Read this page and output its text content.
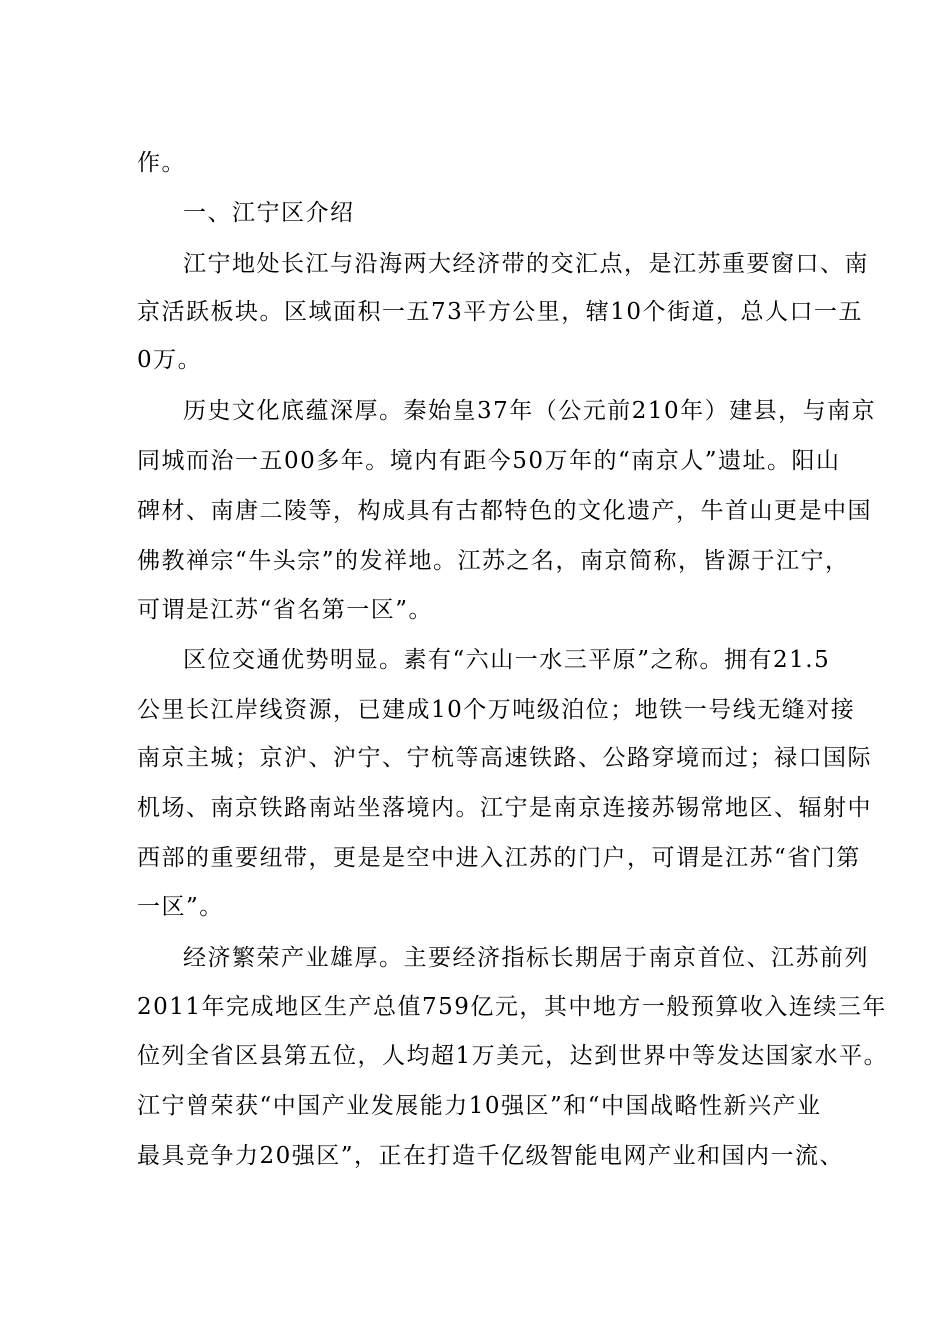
作。
一、江宁区介绍
江宁地处长江与沿海两大经济带的交汇点，是江苏重要窗口、南
京活跃板块。区域面积一五73平方公里，辖10个街道，总人口一五
0万。
历史文化底蕴深厚。秦始皇37年（公元前210年）建县，与南京
同城而治一五00多年。境内有距今50万年的“南京人”遗址。阳山
碑材、南唐二陵等，构成具有古都特色的文化遗产，牛首山更是中国
佛教禅宗“牛头宗”的发祥地。江苏之名，南京简称，皆源于江宁，
可谓是江苏“省名第一区”。
区位交通优势明显。素有“六山一水三平原”之称。拥有21.5
公里长江岸线资源，已建成10个万吨级泊位；地铁一号线无缝对接
南京主城；京沪、沪宁、宁杭等高速铁路、公路穿境而过；禄口国际
机场、南京铁路南站坐落境内。江宁是南京连接苏锡常地区、辐射中
西部的重要纽带，更是是空中进入江苏的门户，可谓是江苏“省门第
一区”。
经济繁荣产业雄厚。主要经济指标长期居于南京首位、江苏前列
2011年完成地区生产总值759亿元，其中地方一般预算收入连续三年
位列全省区县第五位，人均超1万美元，达到世界中等发达国家水平。
江宁曾荣获“中国产业发展能力10强区”和“中国战略性新兴产业
最具竞争力20强区”，正在打造千亿级智能电网产业和国内一流、
